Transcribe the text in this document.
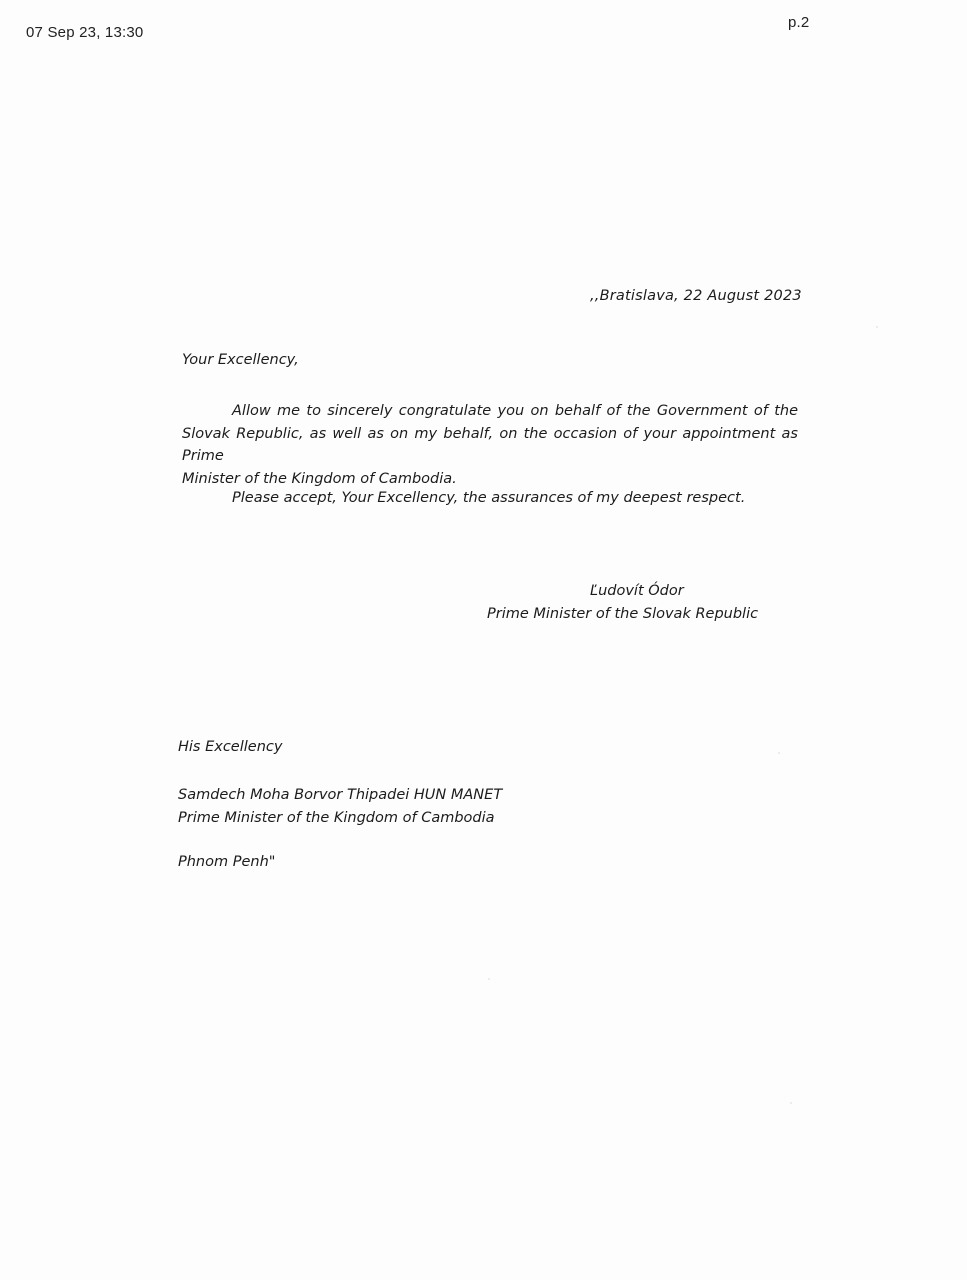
07 Sep 23, 13:30
p.2
,,Bratislava, 22 August 2023
Your Excellency,
Allow me to sincerely congratulate you on behalf of the Government of the
Slovak Republic, as well as on my behalf, on the occasion of your appointment as Prime
Minister of the Kingdom of Cambodia.
Please accept, Your Excellency, the assurances of my deepest respect.
Ľudovít Ódor
Prime Minister of the Slovak Republic
His Excellency
Samdech Moha Borvor Thipadei HUN MANET
Prime Minister of the Kingdom of Cambodia
Phnom Penh"
